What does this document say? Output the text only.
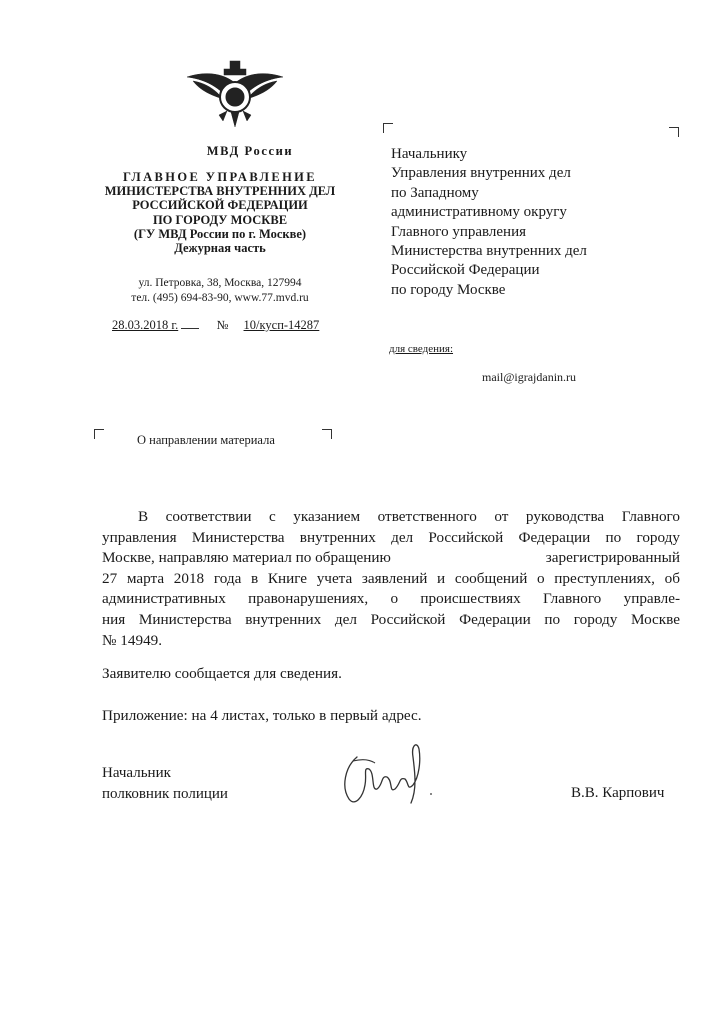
МВД России
ГЛАВНОЕ УПРАВЛЕНИЕ
МИНИСТЕРСТВА ВНУТРЕННИХ ДЕЛ
РОССИЙСКОЙ ФЕДЕРАЦИИ
ПО ГОРОДУ МОСКВЕ
(ГУ МВД России по г. Москве)
Дежурная часть
ул. Петровка, 38, Москва, 127994
тел. (495) 694-83-90, www.77.mvd.ru
28.03.2018 г.	№ 10/кусп-14287
Начальнику
Управления внутренних дел
по Западному
административному округу
Главного управления
Министерства внутренних дел
Российской Федерации
по городу Москве
для сведения:
mail@igrajdanin.ru
О направлении материала
В соответствии с указанием ответственного от руководства Главного
управления Министерства внутренних дел Российской Федерации по городу
Москве, направляю материал по обращению	зарегистрированный
27 марта 2018 года в Книге учета заявлений и сообщений о преступлениях, об
административных правонарушениях, о происшествиях Главного управле-
ния Министерства внутренних дел Российской Федерации по городу Москве
№ 14949.
Заявителю сообщается для сведения.
Приложение: на 4 листах, только в первый адрес.
Начальник
полковник полиции	В.В. Карпович
